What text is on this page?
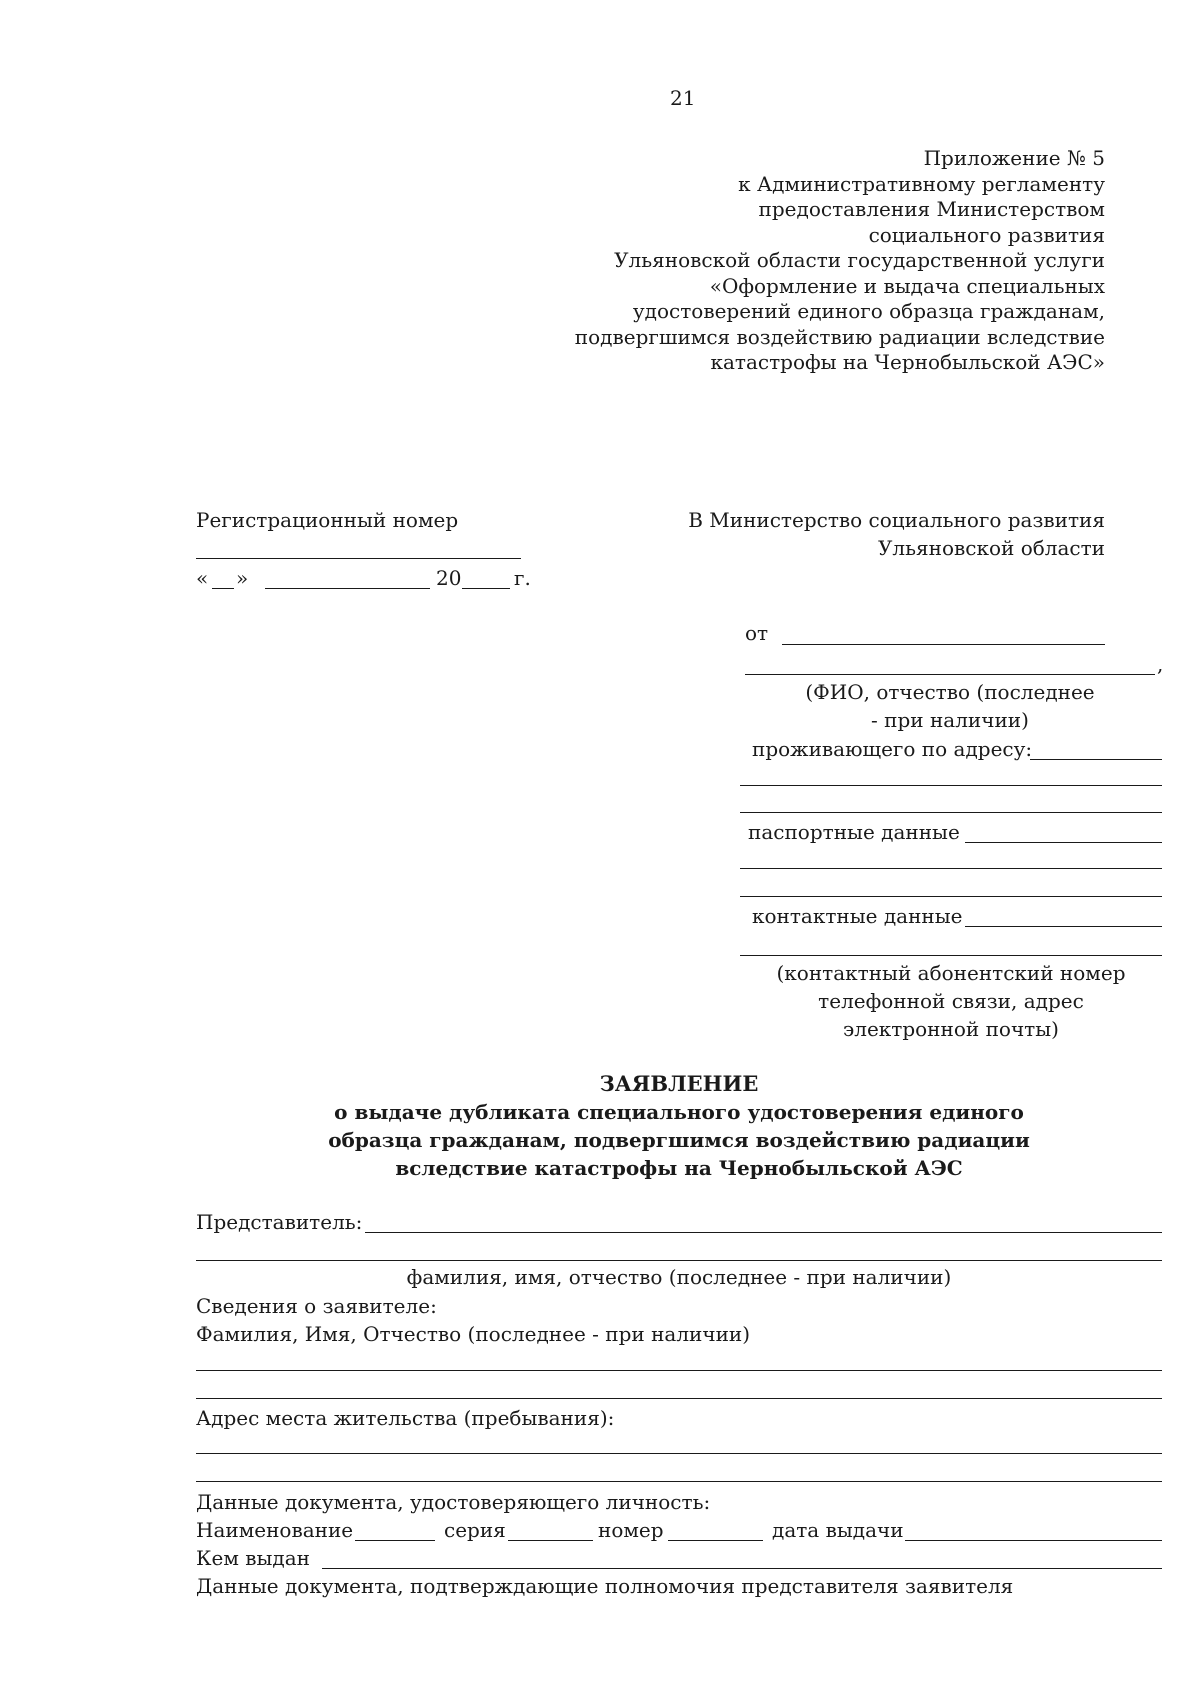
21
Приложение № 5
к Административному регламенту
предоставления Министерством
социального развития
Ульяновской области государственной услуги
«Оформление и выдача специальных
удостоверений единого образца гражданам,
подвергшимся воздействию радиации вследствие
катастрофы на Чернобыльской АЭС»
Регистрационный номер
« »	20	г.
В Министерство социального развития
Ульяновской области
от
,
(ФИО, отчество (последнее
- при наличии)
проживающего по адресу:
паспортные данные
контактные данные
(контактный абонентский номер
телефонной связи, адрес
электронной почты)
ЗАЯВЛЕНИЕ
о выдаче дубликата специального удостоверения единого
образца гражданам, подвергшимся воздействию радиации
вследствие катастрофы на Чернобыльской АЭС
Представитель:
фамилия, имя, отчество (последнее - при наличии)
Сведения о заявителе:
Фамилия, Имя, Отчество (последнее - при наличии)
Адрес места жительства (пребывания):
Данные документа, удостоверяющего личность:
Наименование	серия	номер	дата выдачи
Кем выдан
Данные документа, подтверждающие полномочия представителя заявителя
